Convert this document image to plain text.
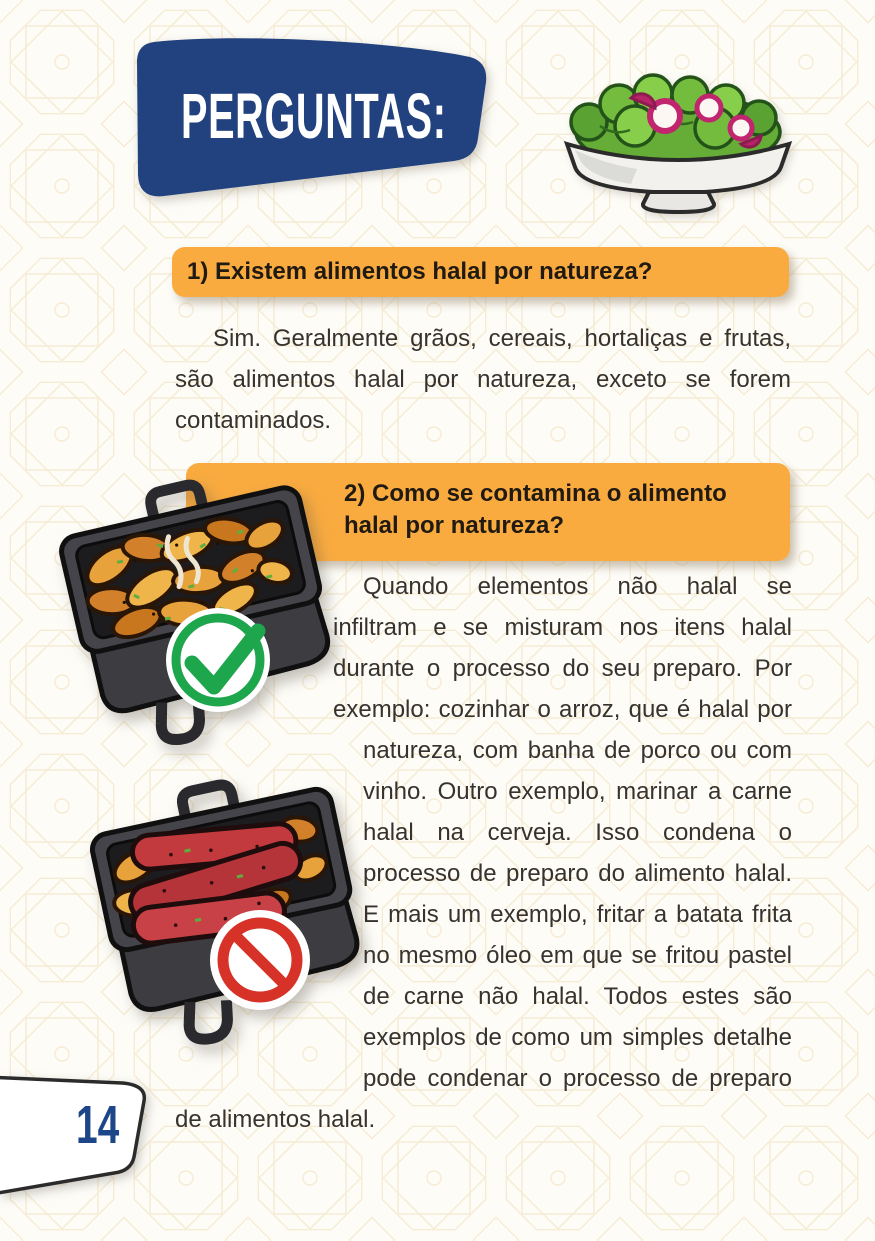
PERGUNTAS:
1) Existem alimentos halal por natureza?

Sim. Geralmente grãos, cereais, hortaliças e frutas, são alimentos halal por natureza, exceto se forem contaminados.

2) Como se contamina o alimento halal por natureza?
Quando elementos não halal se infiltram e se misturam nos itens halal durante o processo do seu preparo. Por exemplo: cozinhar o arroz, que é halal por natureza, com banha de porco ou com vinho. Outro exemplo, marinar a carne halal na cerveja. Isso condena o processo de preparo do alimento halal. E mais um exemplo, fritar a batata frita no mesmo óleo em que se fritou pastel de carne não halal. Todos estes são exemplos de como um simples detalhe pode condenar o processo de preparo de alimentos halal.
14
